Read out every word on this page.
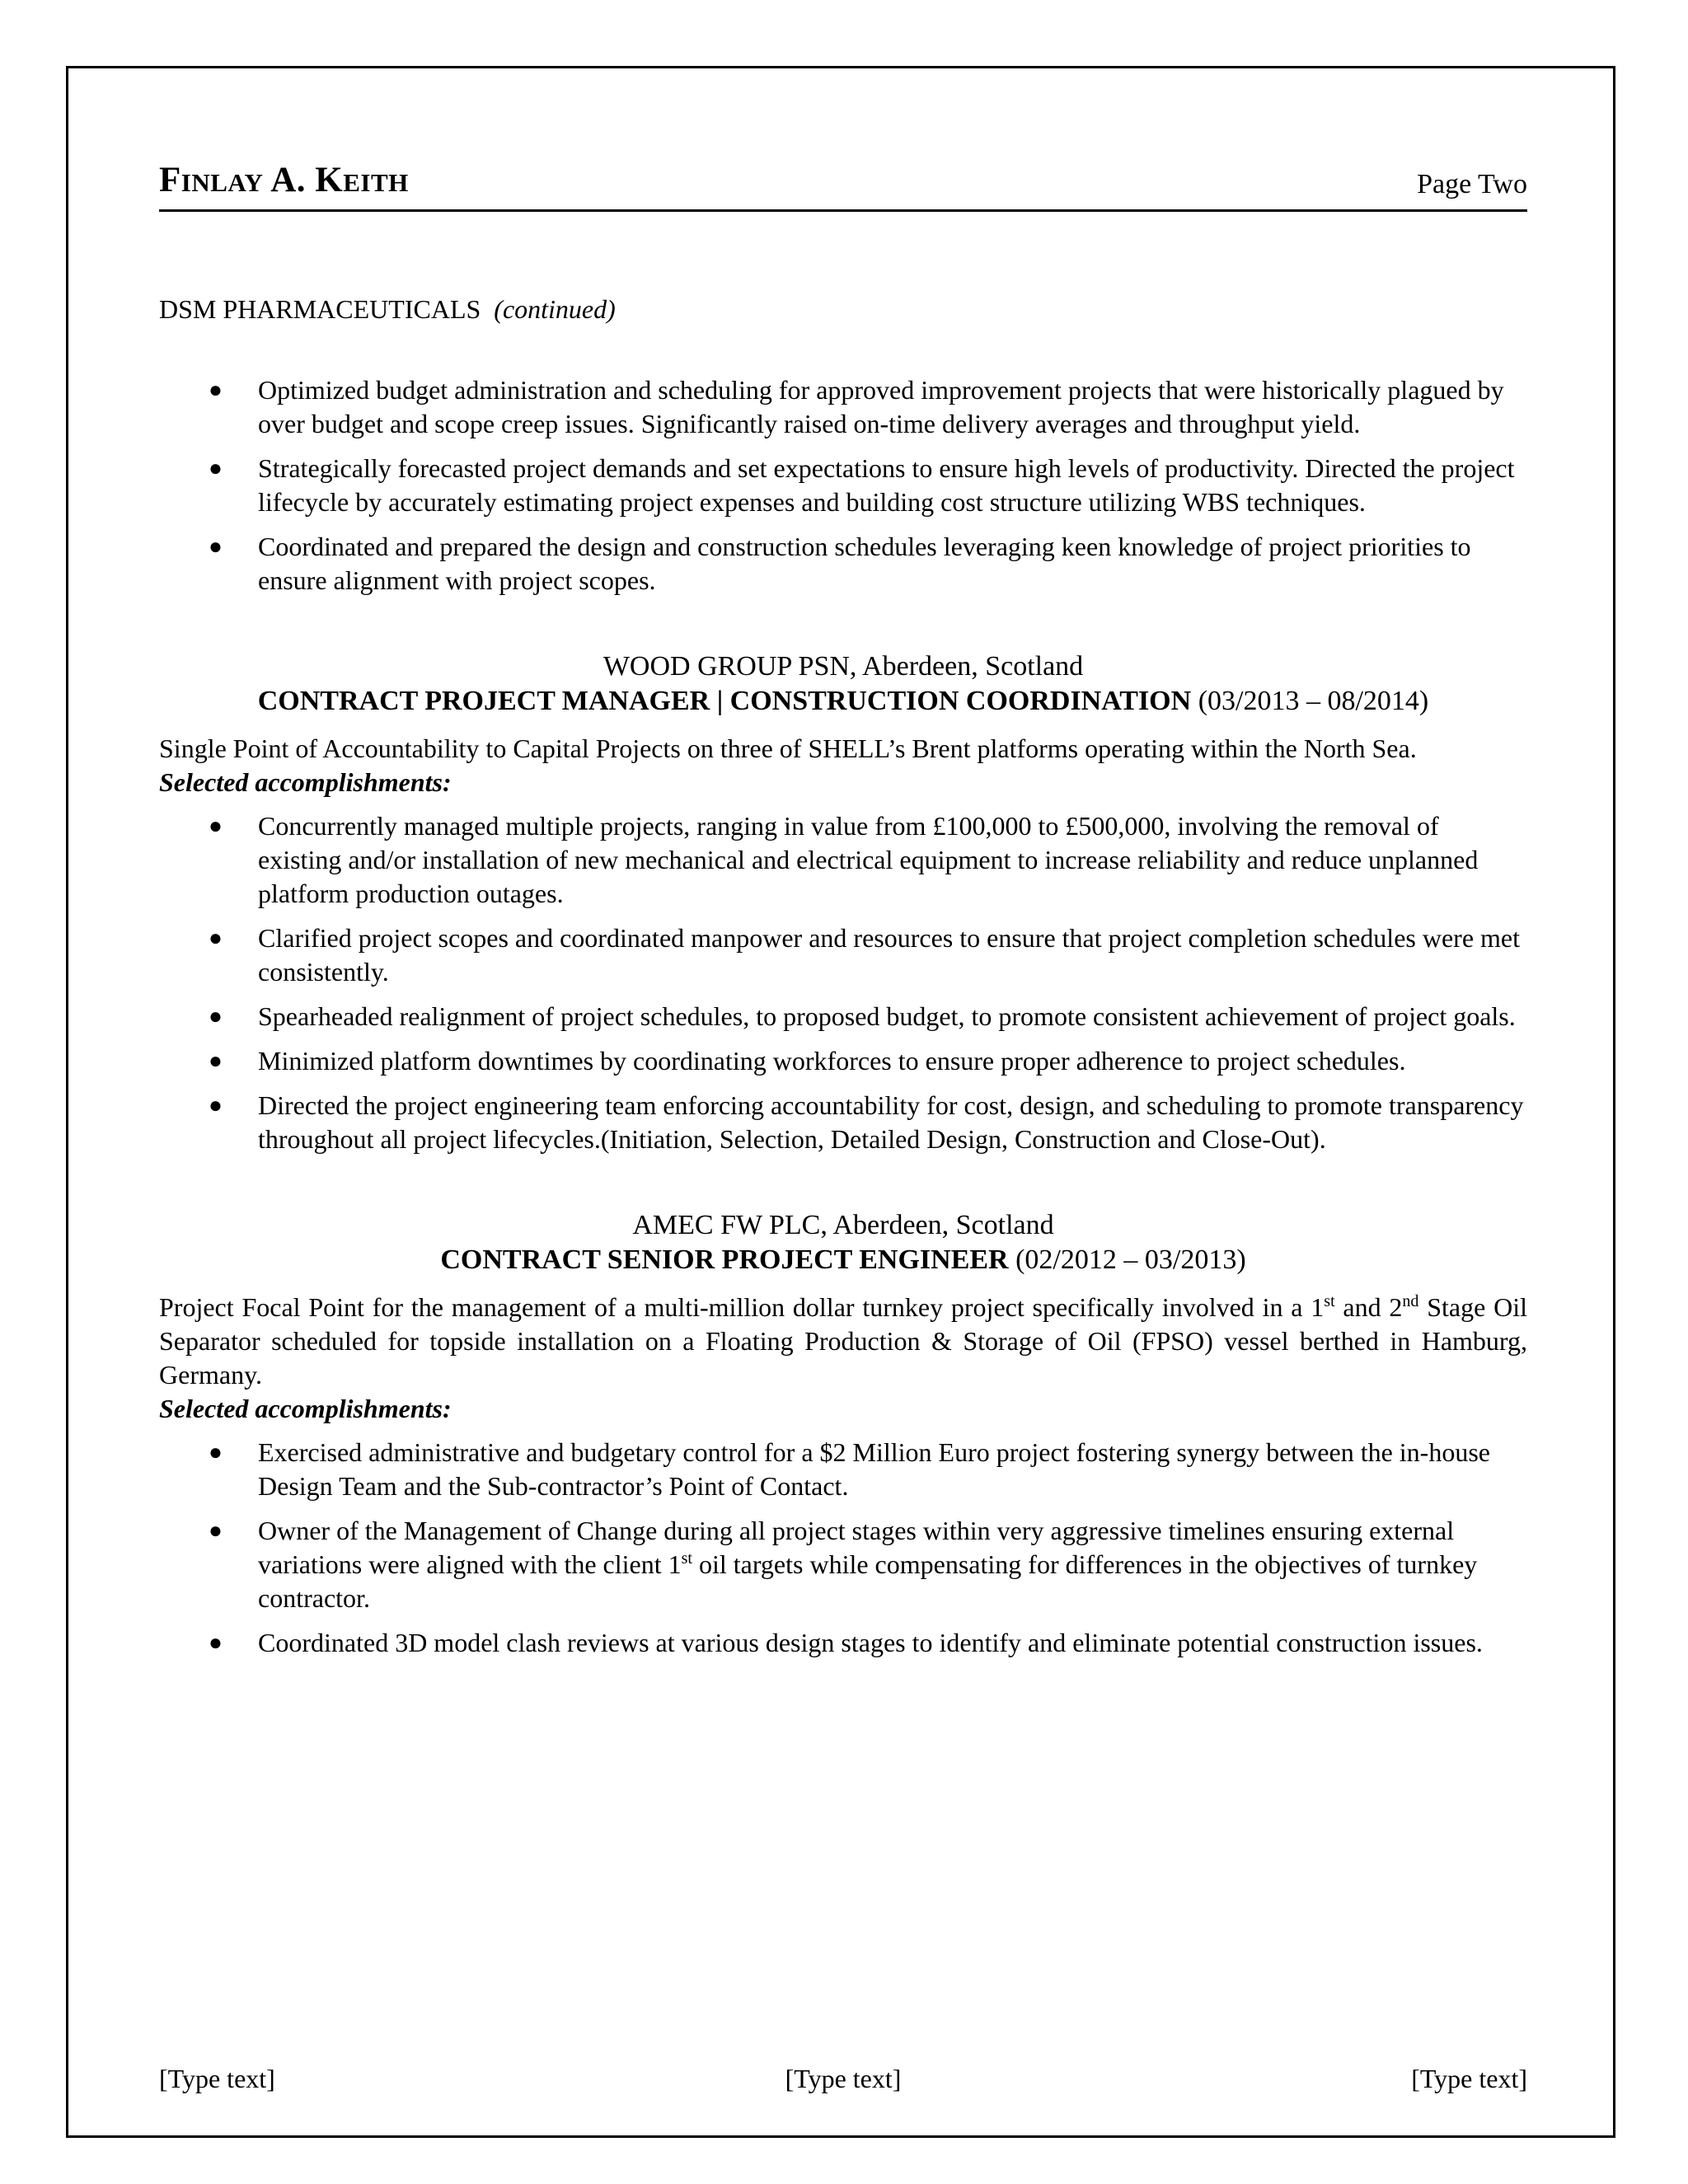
FINLAY A. KEITH	Page Two
DSM PHARMACEUTICALS (continued)
● Optimized budget administration and scheduling for approved improvement projects that were historically plagued by over budget and scope creep issues. Significantly raised on-time delivery averages and throughput yield.
● Strategically forecasted project demands and set expectations to ensure high levels of productivity. Directed the project lifecycle by accurately estimating project expenses and building cost structure utilizing WBS techniques.
● Coordinated and prepared the design and construction schedules leveraging keen knowledge of project priorities to ensure alignment with project scopes.
WOOD GROUP PSN, Aberdeen, Scotland
CONTRACT PROJECT MANAGER | CONSTRUCTION COORDINATION (03/2013 – 08/2014)
Single Point of Accountability to Capital Projects on three of SHELL’s Brent platforms operating within the North Sea.
Selected accomplishments:
● Concurrently managed multiple projects, ranging in value from £100,000 to £500,000, involving the removal of existing and/or installation of new mechanical and electrical equipment to increase reliability and reduce unplanned platform production outages.
● Clarified project scopes and coordinated manpower and resources to ensure that project completion schedules were met consistently.
● Spearheaded realignment of project schedules, to proposed budget, to promote consistent achievement of project goals.
● Minimized platform downtimes by coordinating workforces to ensure proper adherence to project schedules.
● Directed the project engineering team enforcing accountability for cost, design, and scheduling to promote transparency throughout all project lifecycles.(Initiation, Selection, Detailed Design, Construction and Close-Out).
AMEC FW PLC, Aberdeen, Scotland
CONTRACT SENIOR PROJECT ENGINEER (02/2012 – 03/2013)
Project Focal Point for the management of a multi-million dollar turnkey project specifically involved in a 1st and 2nd Stage Oil Separator scheduled for topside installation on a Floating Production & Storage of Oil (FPSO) vessel berthed in Hamburg, Germany.
Selected accomplishments:
● Exercised administrative and budgetary control for a $2 Million Euro project fostering synergy between the in-house Design Team and the Sub-contractor’s Point of Contact.
● Owner of the Management of Change during all project stages within very aggressive timelines ensuring external variations were aligned with the client 1st oil targets while compensating for differences in the objectives of turnkey contractor.
● Coordinated 3D model clash reviews at various design stages to identify and eliminate potential construction issues.
[Type text]	[Type text]	[Type text]
